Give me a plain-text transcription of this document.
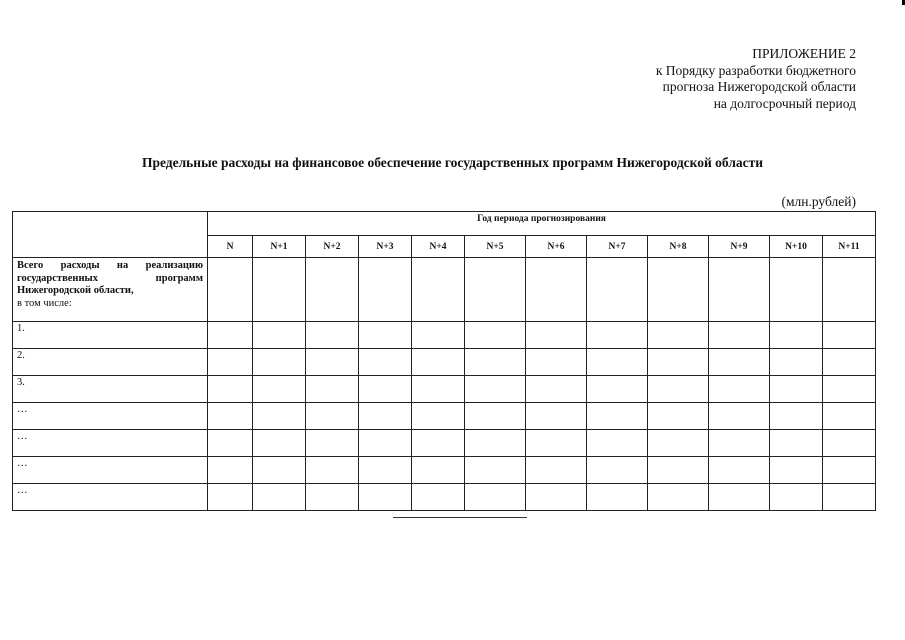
ПРИЛОЖЕНИЕ 2
к Порядку разработки бюджетного
прогноза Нижегородской области
на долгосрочный период
Предельные расходы на финансовое обеспечение государственных программ Нижегородской области
(млн.рублей)
	Год периода прогнозирования											
	N	N+1	N+2	N+3	N+4	N+5	N+6	N+7	N+8	N+9	N+10	N+11
Всего расходы на реализацию государственных программ Нижегородской области,
в том числе:												
1.												
2.												
3.												
…												
…												
…												
…												
